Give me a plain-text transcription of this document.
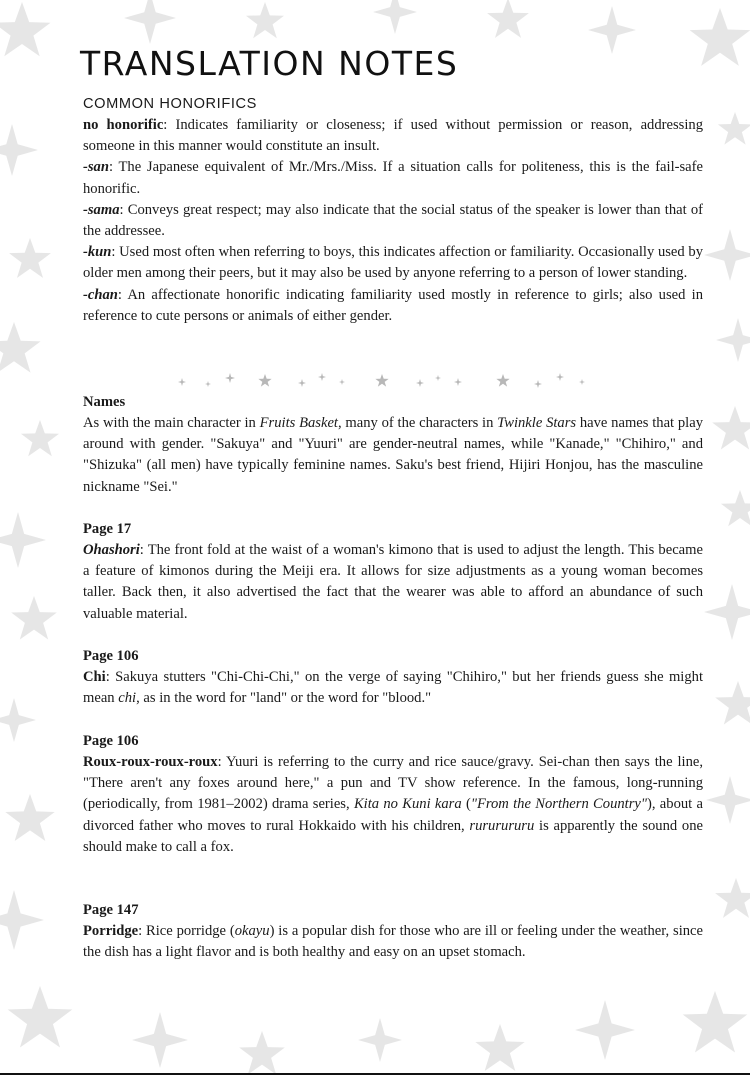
TRANSLATION NOTES

COMMON HONORIFICS

no honorific: Indicates familiarity or closeness; if used without permission or reason, addressing someone in this manner would constitute an insult.

-san: The Japanese equivalent of Mr./Mrs./Miss. If a situation calls for politeness, this is the fail-safe honorific.

-sama: Conveys great respect; may also indicate that the social status of the speaker is lower than that of the addressee.

-kun: Used most often when referring to boys, this indicates affection or familiarity. Occasionally used by older men among their peers, but it may also be used by anyone referring to a person of lower standing.

-chan: An affectionate honorific indicating familiarity used mostly in reference to girls; also used in reference to cute persons or animals of either gender.

Names

As with the main character in Fruits Basket, many of the characters in Twinkle Stars have names that play around with gender. "Sakuya" and "Yuuri" are gender-neutral names, while "Kanade," "Chihiro," and "Shizuka" (all men) have typically feminine names. Saku's best friend, Hijiri Honjou, has the masculine nickname "Sei."

Page 17

Ohashori: The front fold at the waist of a woman's kimono that is used to adjust the length. This became a feature of kimonos during the Meiji era. It allows for size adjustments as a young woman becomes taller. Back then, it also advertised the fact that the wearer was able to afford an abundance of such valuable material.

Page 106

Chi: Sakuya stutters "Chi-Chi-Chi," on the verge of saying "Chihiro," but her friends guess she might mean chi, as in the word for "land" or the word for "blood."

Page 106

Roux-roux-roux-roux: Yuuri is referring to the curry and rice sauce/gravy. Sei-chan then says the line, "There aren't any foxes around here," a pun and TV show reference. In the famous, long-running (periodically, from 1981–2002) drama series, Kita no Kuni kara ("From the Northern Country"), about a divorced father who moves to rural Hokkaido with his children, rururururu is apparently the sound one should make to call a fox.

Page 147

Porridge: Rice porridge (okayu) is a popular dish for those who are ill or feeling under the weather, since the dish has a light flavor and is both healthy and easy on an upset stomach.
